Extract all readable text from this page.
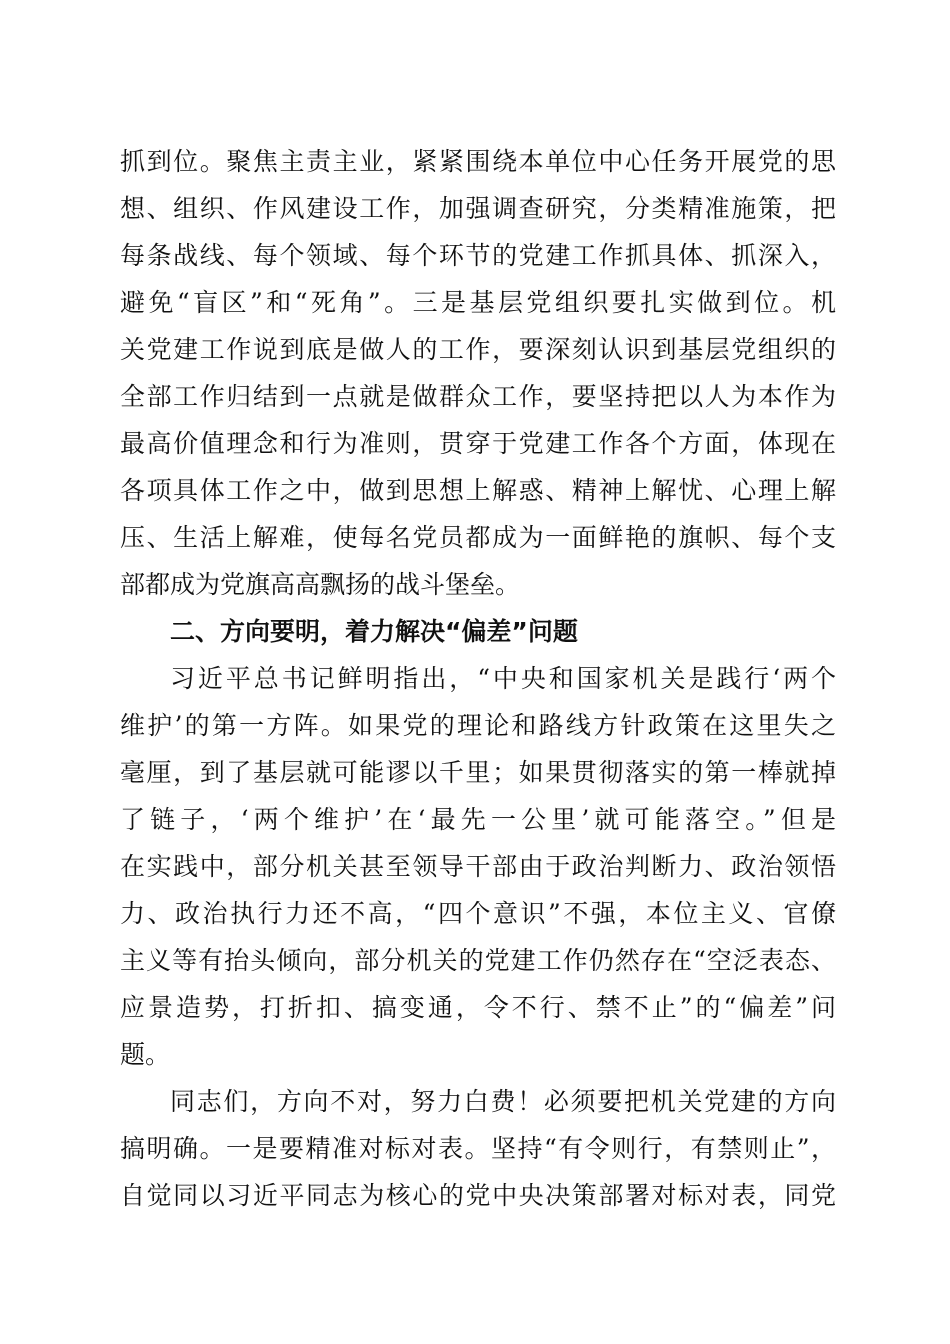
抓到位。聚焦主责主业，紧紧围绕本单位中心任务开展党的思
想、组织、作风建设工作，加强调查研究，分类精准施策，把
每条战线、每个领域、每个环节的党建工作抓具体、抓深入，
避免“盲区”和“死角”。三是基层党组织要扎实做到位。机
关党建工作说到底是做人的工作，要深刻认识到基层党组织的
全部工作归结到一点就是做群众工作，要坚持把以人为本作为
最高价值理念和行为准则，贯穿于党建工作各个方面，体现在
各项具体工作之中，做到思想上解惑、精神上解忧、心理上解
压、生活上解难，使每名党员都成为一面鲜艳的旗帜、每个支
部都成为党旗高高飘扬的战斗堡垒。
二、方向要明，着力解决“偏差”问题
习近平总书记鲜明指出，“中央和国家机关是践行‘两个
维护’的第一方阵。如果党的理论和路线方针政策在这里失之
毫厘，到了基层就可能谬以千里；如果贯彻落实的第一棒就掉
了链子，‘两个维护’在‘最先一公里’就可能落空。”但是
在实践中，部分机关甚至领导干部由于政治判断力、政治领悟
力、政治执行力还不高，“四个意识”不强，本位主义、官僚
主义等有抬头倾向，部分机关的党建工作仍然存在“空泛表态、
应景造势，打折扣、搞变通，令不行、禁不止”的“偏差”问
题。
同志们，方向不对，努力白费！必须要把机关党建的方向
搞明确。一是要精准对标对表。坚持“有令则行，有禁则止”，
自觉同以习近平同志为核心的党中央决策部署对标对表，同党
